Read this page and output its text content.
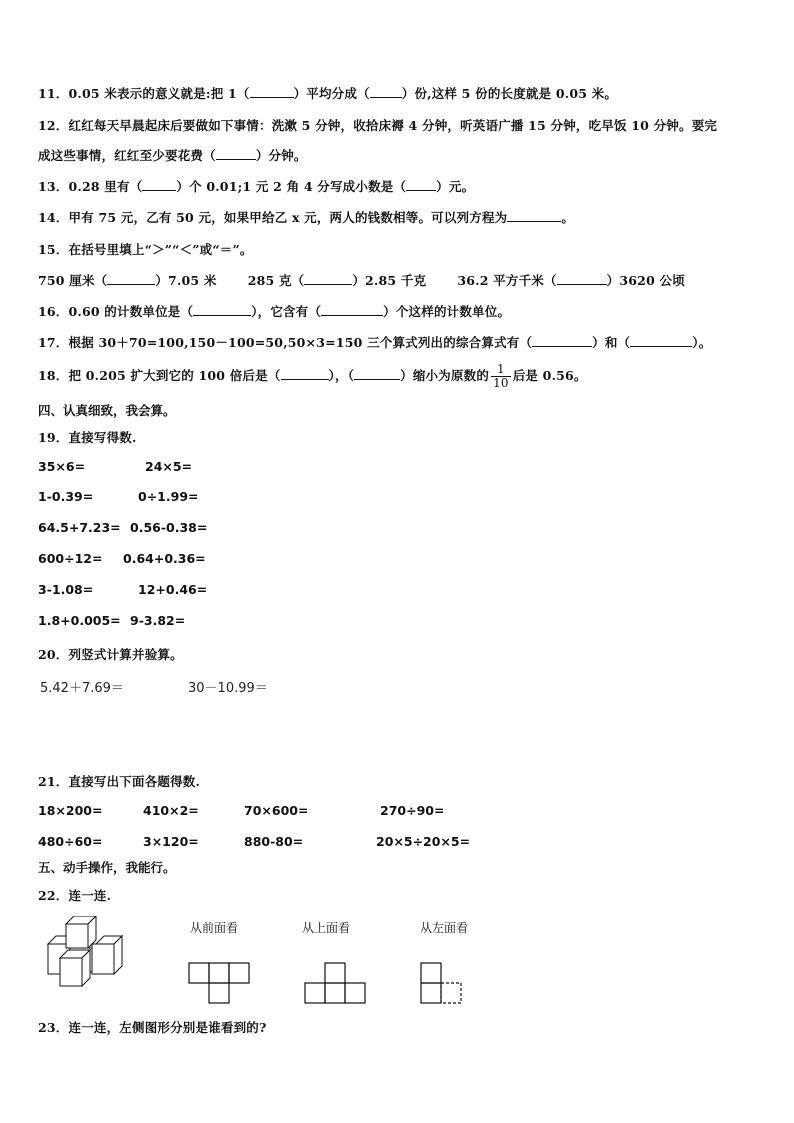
11．0.05 米表示的意义就是:把 1（	）平均分成（	）份,这样 5 份的长度就是 0.05 米。
12．红红每天早晨起床后要做如下事情：洗漱 5 分钟，收拾床褥 4 分钟，听英语广播 15 分钟，吃早饭 10 分钟。要完
成这些事情，红红至少要花费（	）分钟。
13．0.28 里有（	）个 0.01;1 元 2 角 4 分写成小数是（ ）元。
14．甲有 75 元，乙有 50 元，如果甲给乙 x 元，两人的钱数相等。可以列方程为	。
15．在括号里填上“＞”“＜”或“＝”。
750 厘米（	）7.05 米 285 克（	）2.85 千克 36.2 平方千米（	）3620 公顷
16．0.60 的计数单位是（	），它含有（	）个这样的计数单位。
17．根据 30＋70=100,150－100=50,50×3=150 三个算式列出的综合算式有（	）和（	）。
18．把 0.205 扩大到它的 100 倍后是（	），（	）缩小为原数的 $\frac{1}{10}$ 后是 0.56。
四、认真细致，我会算。
19．直接写得数.
35×6=	24×5=
1-0.39=	0÷1.99=
64.5+7.23= 0.56-0.38=
600÷12= 0.64+0.36=
3-1.08=	12+0.46=
1.8+0.005= 9-3.82=
20．列竖式计算并验算。
5.42＋7.69＝	30－10.99＝
21．直接写出下面各题得数.
18×200=	410×2=	70×600=	270÷90=
480÷60=	3×120=	880-80=	20×5÷20×5=
五、动手操作，我能行。
22．连一连.
从前面看	从上面看	从左面看
23．连一连，左侧图形分别是谁看到的?
